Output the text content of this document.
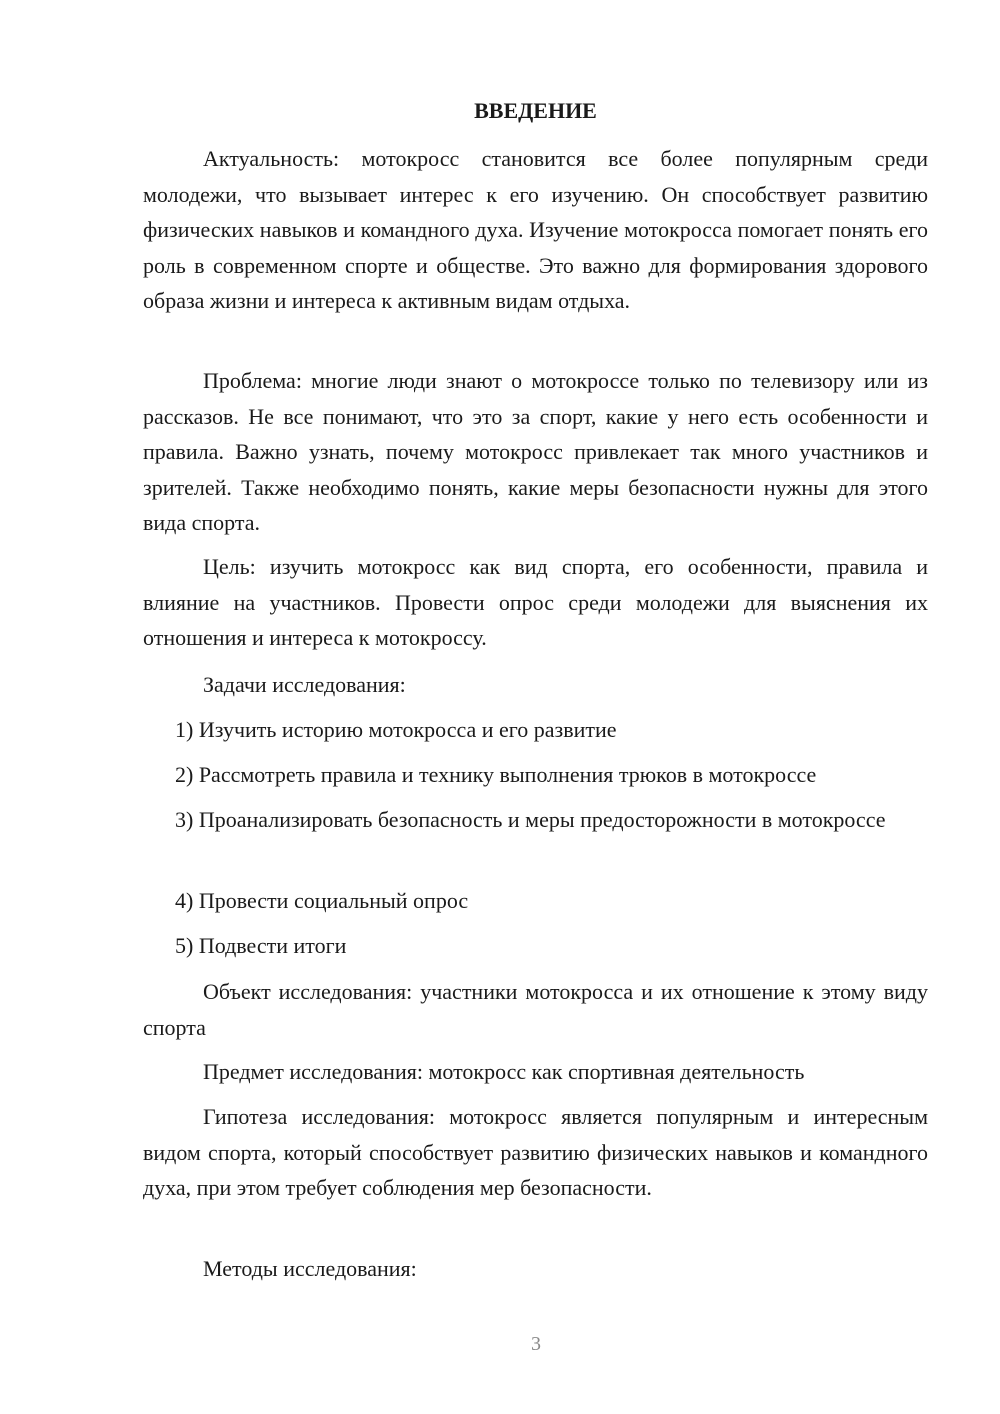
ВВЕДЕНИЕ

Актуальность: мотокросс становится все более популярным среди молодежи, что вызывает интерес к его изучению. Он способствует развитию физических навыков и командного духа. Изучение мотокросса помогает понять его роль в современном спорте и обществе. Это важно для формирования здорового образа жизни и интереса к активным видам отдыха.

Проблема: многие люди знают о мотокроссе только по телевизору или из рассказов. Не все понимают, что это за спорт, какие у него есть особенности и правила. Важно узнать, почему мотокросс привлекает так много участников и зрителей. Также необходимо понять, какие меры безопасности нужны для этого вида спорта.

Цель: изучить мотокросс как вид спорта, его особенности, правила и влияние на участников. Провести опрос среди молодежи для выяснения их отношения и интереса к мотокроссу.

Задачи исследования:

1) Изучить историю мотокросса и его развитие

2) Рассмотреть правила и технику выполнения трюков в мотокроссе

3) Проанализировать безопасность и меры предосторожности в мотокроссе

4) Провести социальный опрос

5) Подвести итоги

Объект исследования: участники мотокросса и их отношение к этому виду спорта

Предмет исследования: мотокросс как спортивная деятельность

Гипотеза исследования: мотокросс является популярным и интересным видом спорта, который способствует развитию физических навыков и командного духа, при этом требует соблюдения мер безопасности.

Методы исследования:

3
